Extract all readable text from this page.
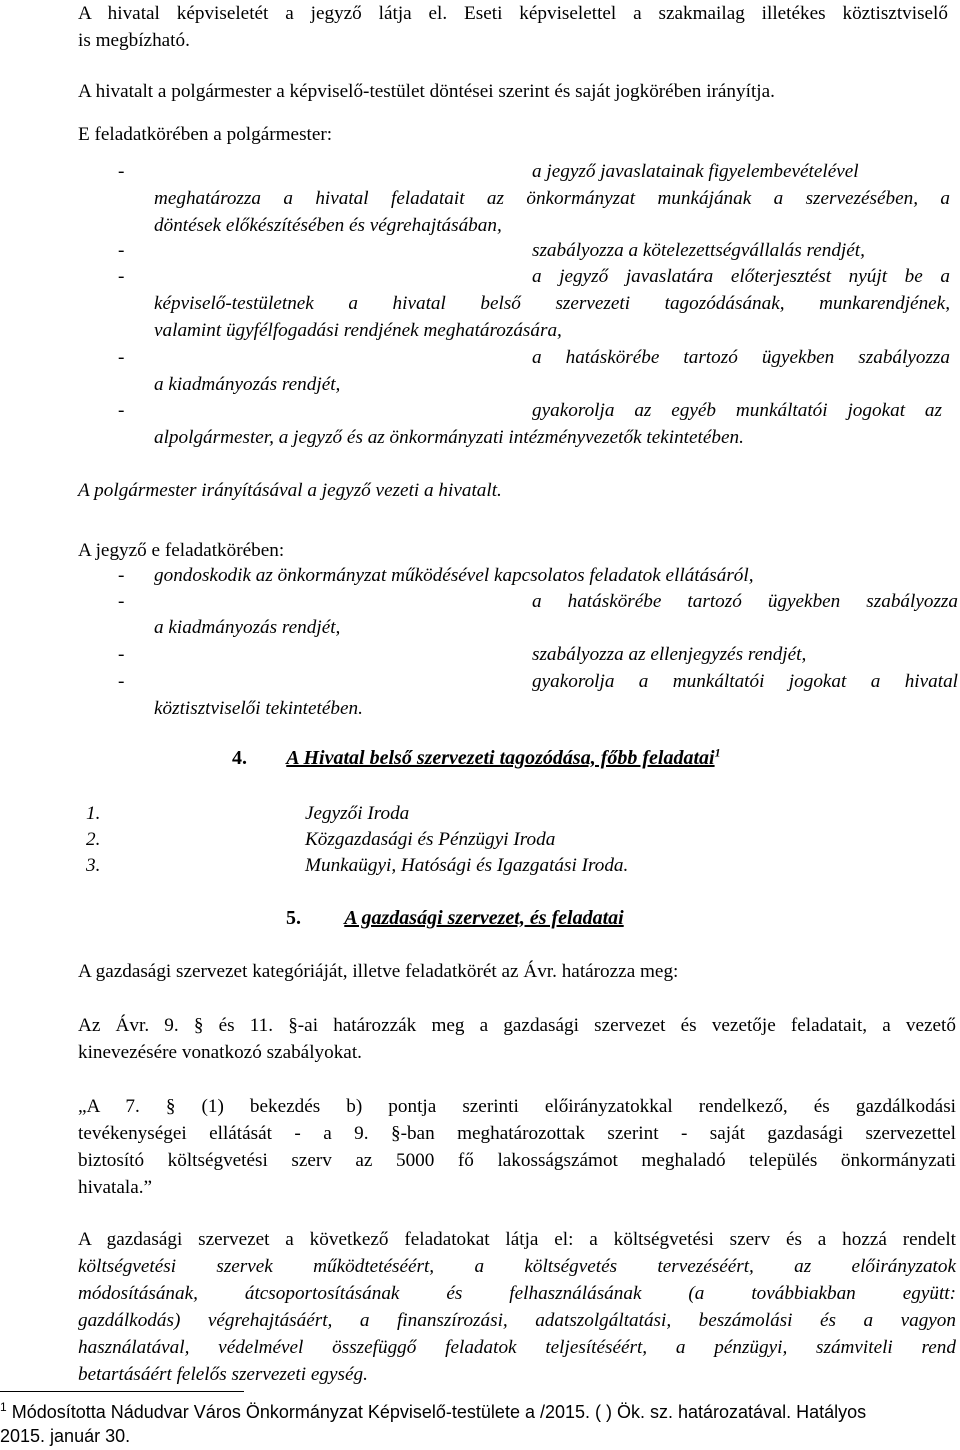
A hivatal képviseletét a jegyző látja el. Eseti képviselettel a szakmailag illetékes köztisztviselő
is megbízható.
A hivatalt a polgármester a képviselő-testület döntései szerint és saját jogkörében irányítja.
E feladatkörében a polgármester:
-	a jegyző javaslatainak figyelembevételével
meghatározza a hivatal feladatait az önkormányzat munkájának a szervezésében, a
döntések előkészítésében és végrehajtásában,
-	szabályozza a kötelezettségvállalás rendjét,
-	a jegyző javaslatára előterjesztést nyújt be a
képviselő-testületnek a hivatal belső szervezeti tagozódásának, munkarendjének,
valamint ügyfélfogadási rendjének meghatározására,
-	a hatáskörébe tartozó ügyekben szabályozza
a kiadmányozás rendjét,
-	gyakorolja az egyéb munkáltatói jogokat az
alpolgármester, a jegyző és az önkormányzati intézményvezetők tekintetében.
A polgármester irányításával a jegyző vezeti a hivatalt.
A jegyző e feladatkörében:
- gondoskodik az önkormányzat működésével kapcsolatos feladatok ellátásáról,
-	a hatáskörébe tartozó ügyekben szabályozza
a kiadmányozás rendjét,
-	szabályozza az ellenjegyzés rendjét,
-	gyakorolja a munkáltatói jogokat a hivatal
köztisztviselői tekintetében.
4. A Hivatal belső szervezeti tagozódása, főbb feladatai$^1$
1.	Jegyzői Iroda
2.	Közgazdasági és Pénzügyi Iroda
3.	Munkaügyi, Hatósági és Igazgatási Iroda.
5. A gazdasági szervezet, és feladatai
A gazdasági szervezet kategóriáját, illetve feladatkörét az Ávr. határozza meg:
Az Ávr. 9. § és 11. §-ai határozzák meg a gazdasági szervezet és vezetője feladatait, a vezető
kinevezésére vonatkozó szabályokat.
„A 7. § (1) bekezdés b) pontja szerinti előirányzatokkal rendelkező, és gazdálkodási
tevékenységei ellátását - a 9. §-ban meghatározottak szerint - saját gazdasági szervezettel
biztosító költségvetési szerv az 5000 fő lakosságszámot meghaladó település önkormányzati
hivatala.”
A gazdasági szervezet a következő feladatokat látja el: a költségvetési szerv és a hozzá rendelt
költségvetési szervek működtetéséért, a költségvetés tervezéséért, az előirányzatok
módosításának, átcsoportosításának és felhasználásának (a továbbiakban együtt:
gazdálkodás) végrehajtásáért, a finanszírozási, adatszolgáltatási, beszámolási és a vagyon
használatával, védelmével összefüggő feladatok teljesítéséért, a pénzügyi, számviteli rend
betartásáért felelős szervezeti egység.
$^1$ Módosította Nádudvar Város Önkormányzat Képviselő-testülete a /2015. ( ) Ök. sz. határozatával. Hatályos
2015. január 30.
